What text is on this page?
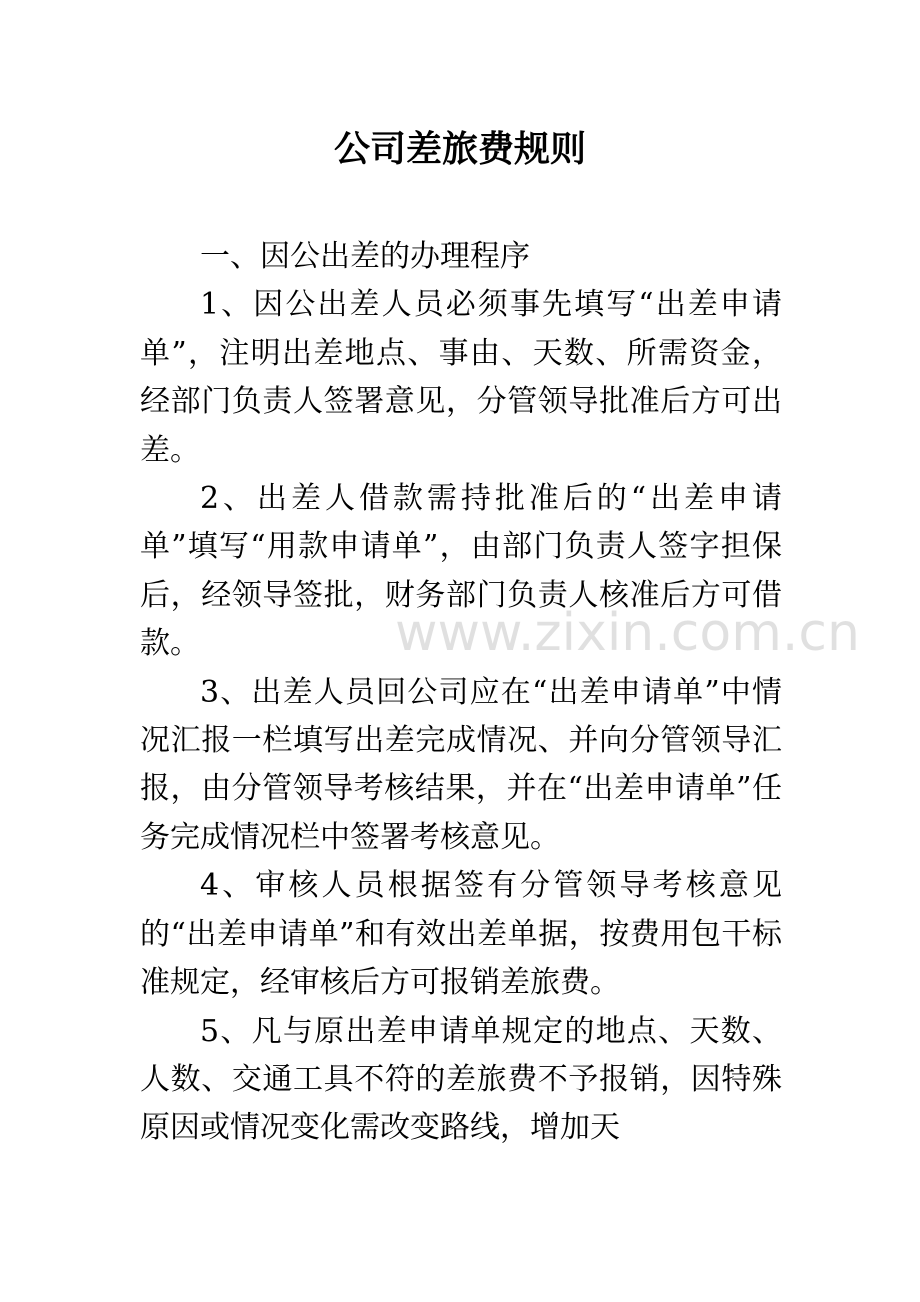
公司差旅费规则

一、因公出差的办理程序

1、因公出差人员必须事先填写“出差申请单”，注明出差地点、事由、天数、所需资金，经部门负责人签署意见，分管领导批准后方可出差。

2、出差人借款需持批准后的“出差申请单”填写“用款申请单”，由部门负责人签字担保后，经领导签批，财务部门负责人核准后方可借款。

3、出差人员回公司应在“出差申请单”中情况汇报一栏填写出差完成情况、并向分管领导汇报，由分管领导考核结果，并在“出差申请单”任务完成情况栏中签署考核意见。

4、审核人员根据签有分管领导考核意见的“出差申请单”和有效出差单据，按费用包干标准规定，经审核后方可报销差旅费。

5、凡与原出差申请单规定的地点、天数、人数、交通工具不符的差旅费不予报销，因特殊原因或情况变化需改变路线，增加天

www.zixin.com.cn
